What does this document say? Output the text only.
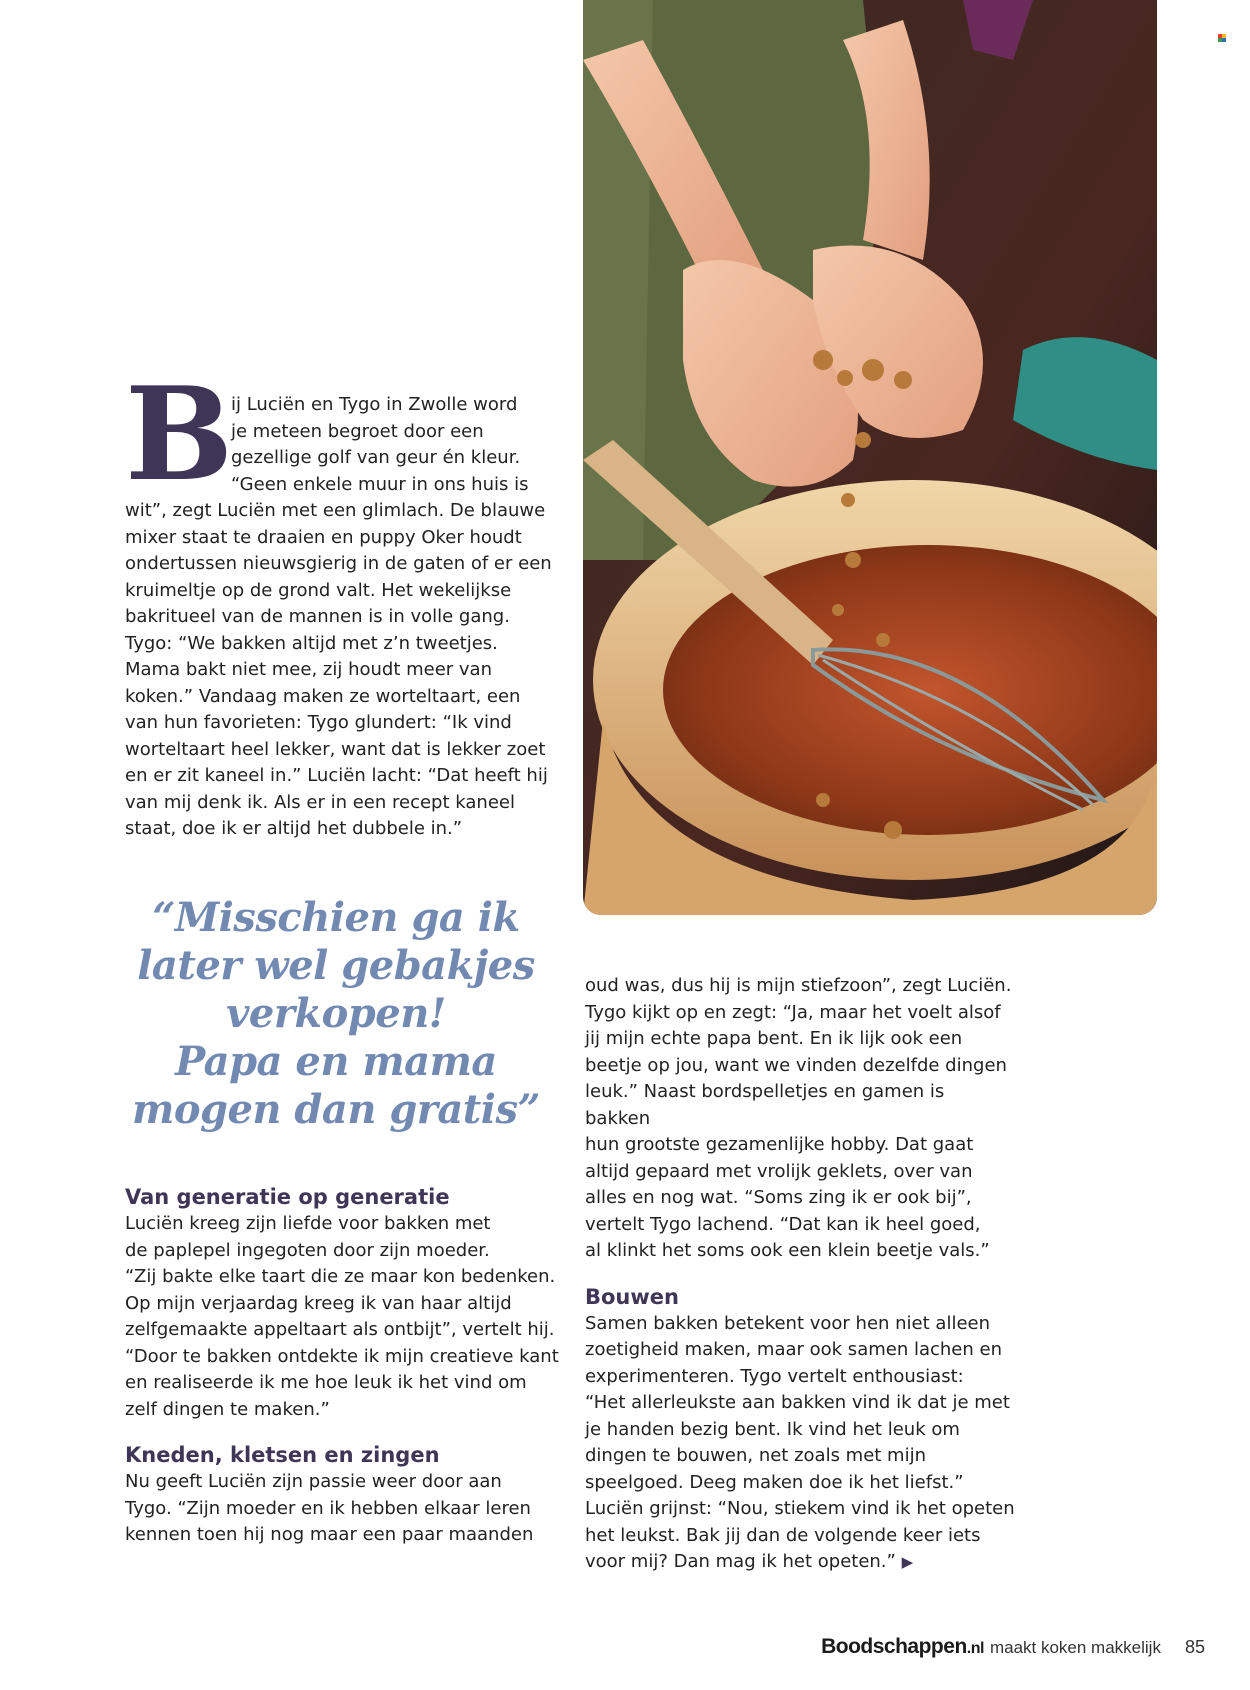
B

ij Luciën en Tygo in Zwolle word

je meteen begroet door een

gezellige golf van geur én kleur.

“Geen enkele muur in ons huis is

wit”, zegt Luciën met een glimlach. De blauwe

mixer staat te draaien en puppy Oker houdt

ondertussen nieuwsgierig in de gaten of er een

kruimeltje op de grond valt. Het wekelijkse

bakritueel van de mannen is in volle gang.

Tygo: “We bakken altijd met z’n tweetjes.

Mama bakt niet mee, zij houdt meer van

koken.” Vandaag maken ze worteltaart, een

van hun favorieten: Tygo glundert: “Ik vind

worteltaart heel lekker, want dat is lekker zoet

en er zit kaneel in.” Luciën lacht: “Dat heeft hij

van mij denk ik. Als er in een recept kaneel

staat, doe ik er altijd het dubbele in.”

“Misschien ga ik
later wel gebakjes
verkopen!
Papa en mama
mogen dan gratis”
Van generatie op generatie

Luciën kreeg zijn liefde voor bakken met

de paplepel ingegoten door zijn moeder.

“Zij bakte elke taart die ze maar kon bedenken.

Op mijn verjaardag kreeg ik van haar altijd

zelfgemaakte appeltaart als ontbijt”, vertelt hij.

“Door te bakken ontdekte ik mijn creatieve kant

en realiseerde ik me hoe leuk ik het vind om

zelf dingen te maken.”

Kneden, kletsen en zingen

Nu geeft Luciën zijn passie weer door aan

Tygo. “Zijn moeder en ik hebben elkaar leren

kennen toen hij nog maar een paar maanden

oud was, dus hij is mijn stiefzoon”, zegt Luciën.

Tygo kijkt op en zegt: “Ja, maar het voelt alsof

jij mijn echte papa bent. En ik lijk ook een

beetje op jou, want we vinden dezelfde dingen

leuk.” Naast bordspelletjes en gamen is bakken

hun grootste gezamenlijke hobby. Dat gaat

altijd gepaard met vrolijk geklets, over van

alles en nog wat. “Soms zing ik er ook bij”,

vertelt Tygo lachend. “Dat kan ik heel goed,

al klinkt het soms ook een klein beetje vals.”

Bouwen

Samen bakken betekent voor hen niet alleen

zoetigheid maken, maar ook samen lachen en

experimenteren. Tygo vertelt enthousiast:

“Het allerleukste aan bakken vind ik dat je met

je handen bezig bent. Ik vind het leuk om

dingen te bouwen, net zoals met mijn

speelgoed. Deeg maken doe ik het liefst.”

Luciën grijnst: “Nou, stiekem vind ik het opeten

het leukst. Bak jij dan de volgende keer iets

voor mij? Dan mag ik het opeten.” ▶

Boodschappen.nl maakt koken makkelijk 85
